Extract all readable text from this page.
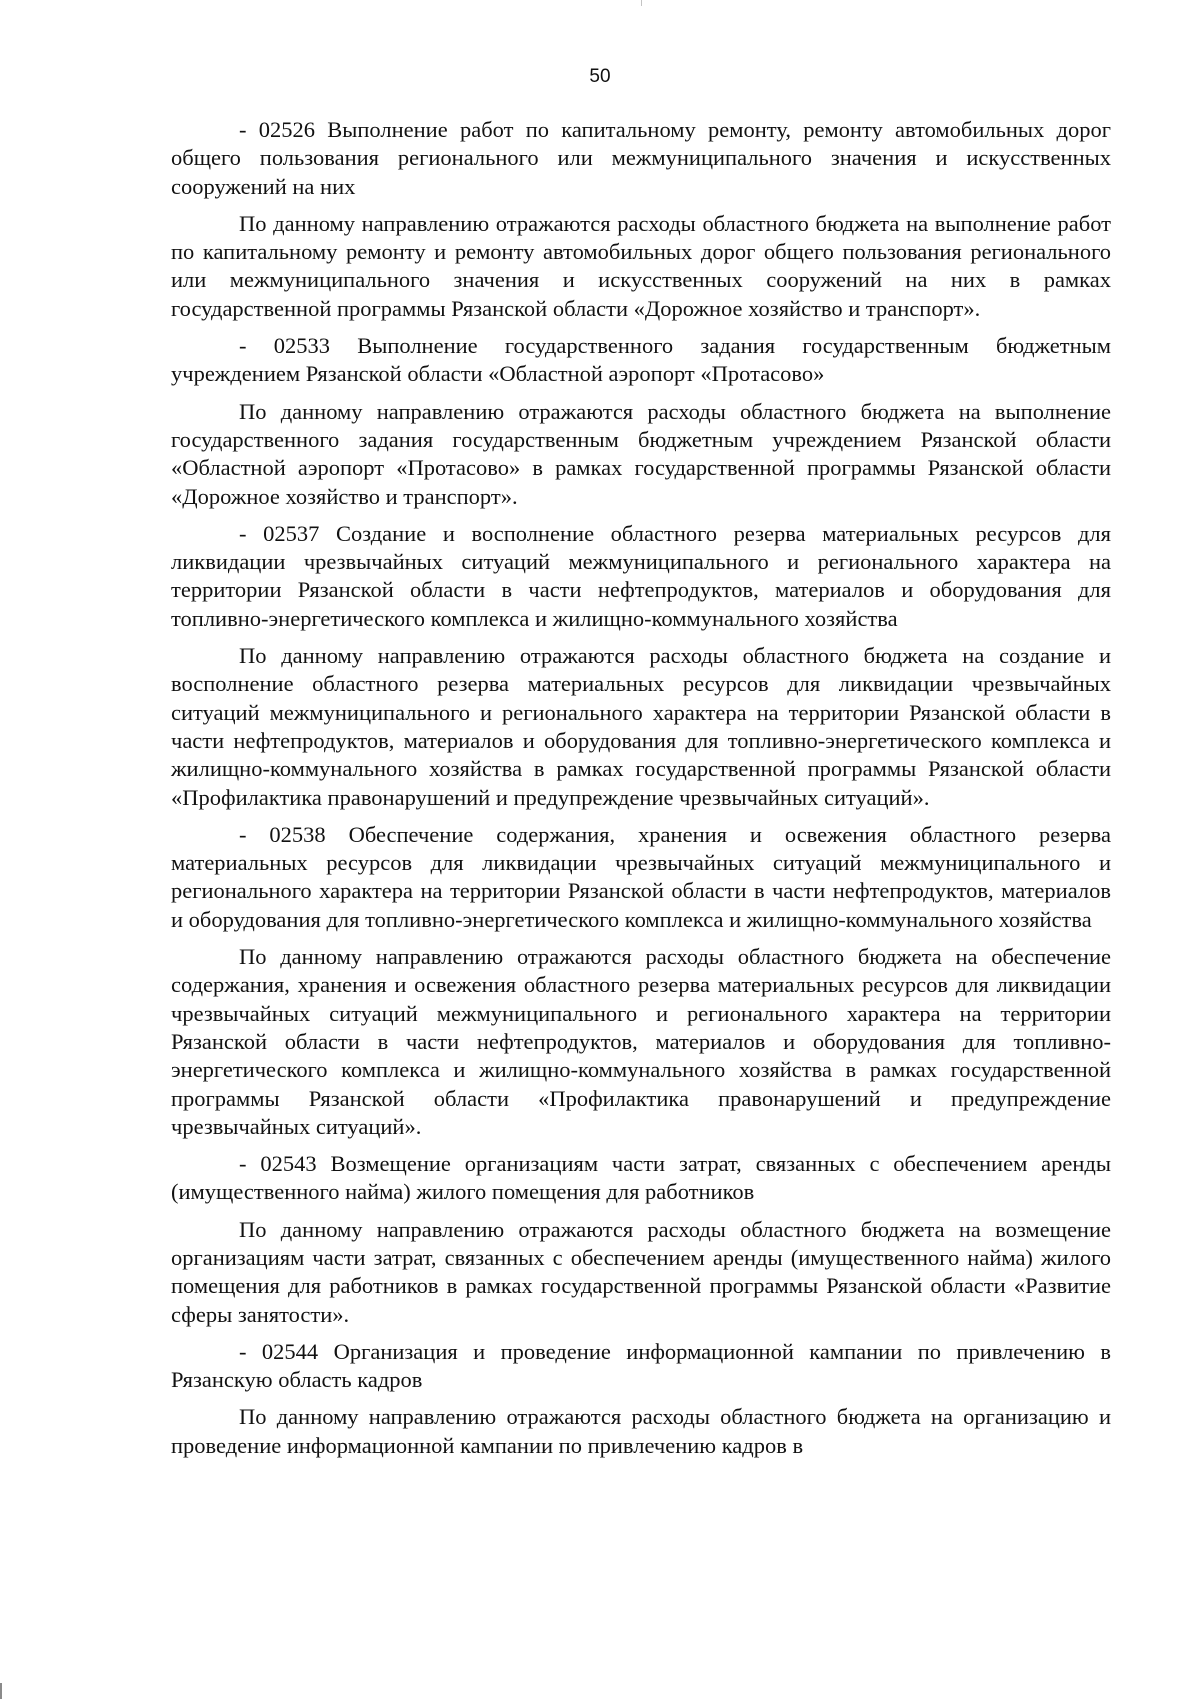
50

- 02526 Выполнение работ по капитальному ремонту, ремонту автомобильных дорог общего пользования регионального или межмуниципального значения и искусственных сооружений на них

По данному направлению отражаются расходы областного бюджета на выполнение работ по капитальному ремонту и ремонту автомобильных дорог общего пользования регионального или межмуниципального значения и искусственных сооружений на них в рамках государственной программы Рязанской области «Дорожное хозяйство и транспорт».

- 02533 Выполнение государственного задания государственным бюджетным учреждением Рязанской области «Областной аэропорт «Протасово»

По данному направлению отражаются расходы областного бюджета на выполнение государственного задания государственным бюджетным учреждением Рязанской области «Областной аэропорт «Протасово» в рамках государственной программы Рязанской области «Дорожное хозяйство и транспорт».

- 02537 Создание и восполнение областного резерва материальных ресурсов для ликвидации чрезвычайных ситуаций межмуниципального и регионального характера на территории Рязанской области в части нефтепродуктов, материалов и оборудования для топливно-энергетического комплекса и жилищно-коммунального хозяйства

По данному направлению отражаются расходы областного бюджета на создание и восполнение областного резерва материальных ресурсов для ликвидации чрезвычайных ситуаций межмуниципального и регионального характера на территории Рязанской области в части нефтепродуктов, материалов и оборудования для топливно-энергетического комплекса и жилищно-коммунального хозяйства в рамках государственной программы Рязанской области «Профилактика правонарушений и предупреждение чрезвычайных ситуаций».

- 02538 Обеспечение содержания, хранения и освежения областного резерва материальных ресурсов для ликвидации чрезвычайных ситуаций межмуниципального и регионального характера на территории Рязанской области в части нефтепродуктов, материалов и оборудования для топливно-энергетического комплекса и жилищно-коммунального хозяйства

По данному направлению отражаются расходы областного бюджета на обеспечение содержания, хранения и освежения областного резерва материальных ресурсов для ликвидации чрезвычайных ситуаций межмуниципального и регионального характера на территории Рязанской области в части нефтепродуктов, материалов и оборудования для топливно-энергетического комплекса и жилищно-коммунального хозяйства в рамках государственной программы Рязанской области «Профилактика правонарушений и предупреждение чрезвычайных ситуаций».

- 02543 Возмещение организациям части затрат, связанных с обеспечением аренды (имущественного найма) жилого помещения для работников

По данному направлению отражаются расходы областного бюджета на возмещение организациям части затрат, связанных с обеспечением аренды (имущественного найма) жилого помещения для работников в рамках государственной программы Рязанской области «Развитие сферы занятости».

- 02544 Организация и проведение информационной кампании по привлечению в Рязанскую область кадров

По данному направлению отражаются расходы областного бюджета на организацию и проведение информационной кампании по привлечению кадров в
